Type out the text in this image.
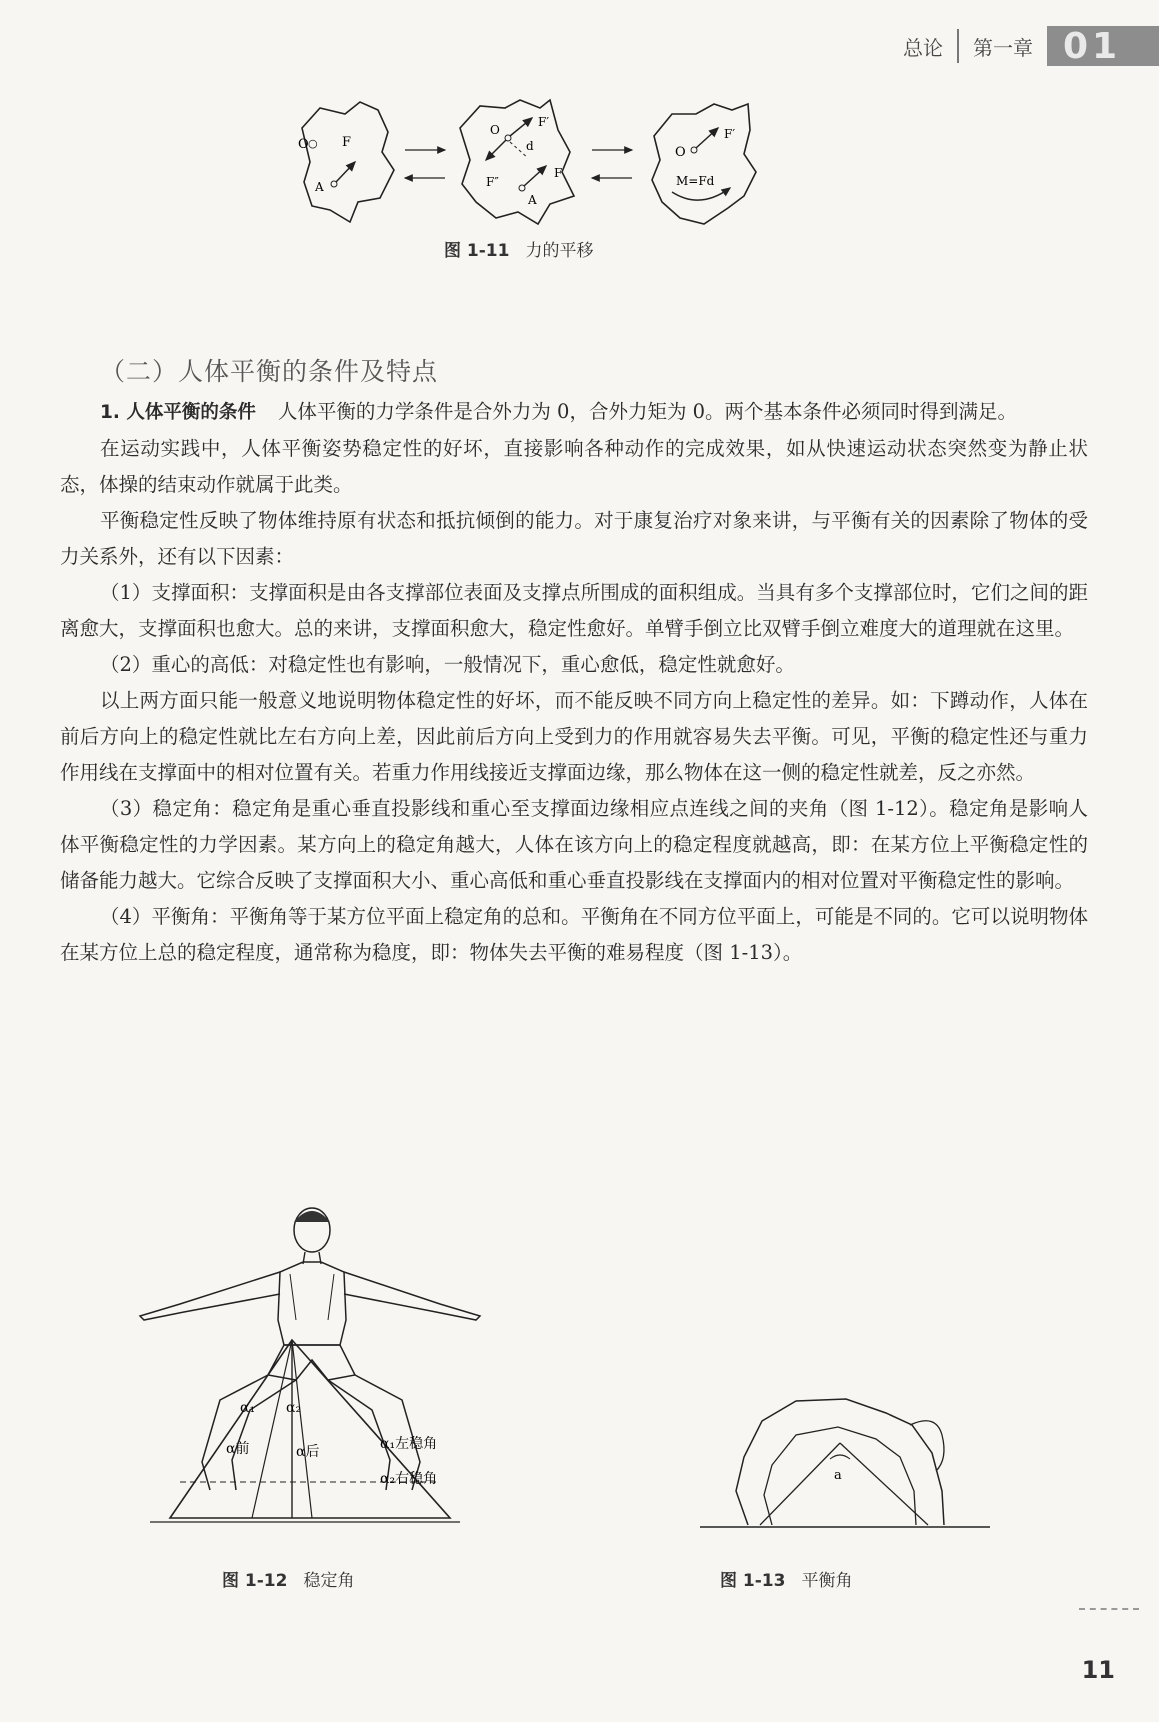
总论 第一章 01
O ○ F
A
O
F′
F″
d
F
A
O
F′
M=Fd
图 1-11 力的平移
（二）人体平衡的条件及特点

1. 人体平衡的条件 人体平衡的力学条件是合外力为 0，合外力矩为 0。两个基本条件必须同时得到满足。

在运动实践中，人体平衡姿势稳定性的好坏，直接影响各种动作的完成效果，如从快速运动状态突然变为静止状态，体操的结束动作就属于此类。

平衡稳定性反映了物体维持原有状态和抵抗倾倒的能力。对于康复治疗对象来讲，与平衡有关的因素除了物体的受力关系外，还有以下因素：

（1）支撑面积：支撑面积是由各支撑部位表面及支撑点所围成的面积组成。当具有多个支撑部位时，它们之间的距离愈大，支撑面积也愈大。总的来讲，支撑面积愈大，稳定性愈好。单臂手倒立比双臂手倒立难度大的道理就在这里。

（2）重心的高低：对稳定性也有影响，一般情况下，重心愈低，稳定性就愈好。

以上两方面只能一般意义地说明物体稳定性的好坏，而不能反映不同方向上稳定性的差异。如：下蹲动作，人体在前后方向上的稳定性就比左右方向上差，因此前后方向上受到力的作用就容易失去平衡。可见，平衡的稳定性还与重力作用线在支撑面中的相对位置有关。若重力作用线接近支撑面边缘，那么物体在这一侧的稳定性就差，反之亦然。

（3）稳定角：稳定角是重心垂直投影线和重心至支撑面边缘相应点连线之间的夹角（图 1-12）。稳定角是影响人体平衡稳定性的力学因素。某方向上的稳定角越大，人体在该方向上的稳定程度就越高，即：在某方位上平衡稳定性的储备能力越大。它综合反映了支撑面积大小、重心高低和重心垂直投影线在支撑面内的相对位置对平衡稳定性的影响。

（4）平衡角：平衡角等于某方位平面上稳定角的总和。平衡角在不同方位平面上，可能是不同的。它可以说明物体在某方位上总的稳定程度，通常称为稳度，即：物体失去平衡的难易程度（图 1-13）。

α₁ α₂
α前	α后	α₁左稳角
α₂右稳角
图 1-12 稳定角
a
图 1-13 平衡角
11
